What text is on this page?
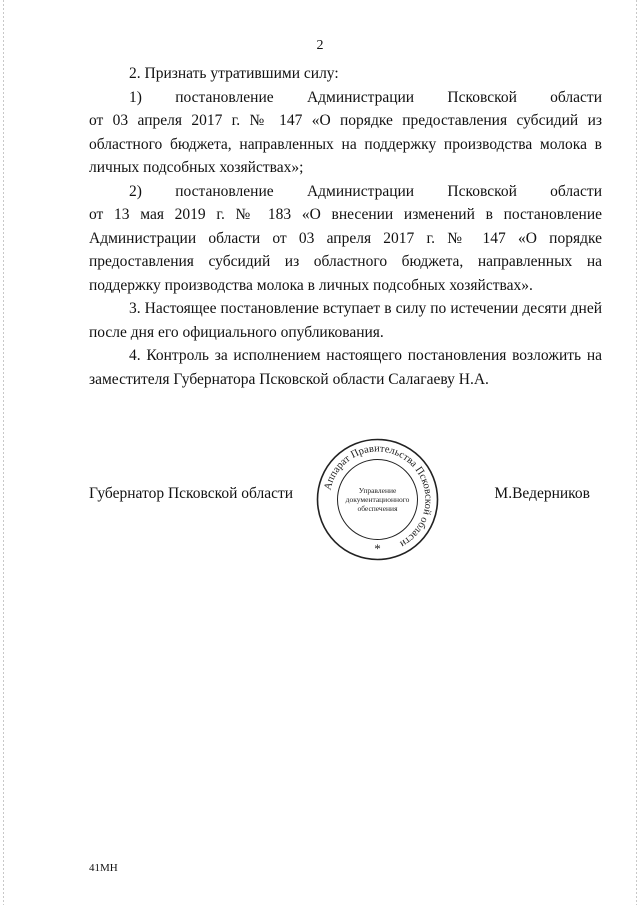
2

2. Признать утратившими силу:

1) постановление Администрации Псковской области

от 03 апреля 2017 г. № 147 «О порядке предоставления субсидий из областного бюджета, направленных на поддержку производства молока в личных подсобных хозяйствах»;

2) постановление Администрации Псковской области

от 13 мая 2019 г. № 183 «О внесении изменений в постановление Администрации области от 03 апреля 2017 г. № 147 «О порядке предоставления субсидий из областного бюджета, направленных на поддержку производства молока в личных подсобных хозяйствах».

3. Настоящее постановление вступает в силу по истечении десяти дней после дня его официального опубликования.

4. Контроль за исполнением настоящего постановления возложить на заместителя Губернатора Псковской области Салагаеву Н.А.

Губернатор Псковской области	М.Ведерников
Аппарат Правительства Псковской области
Управление
документационного
обеспечения
*
41МН
